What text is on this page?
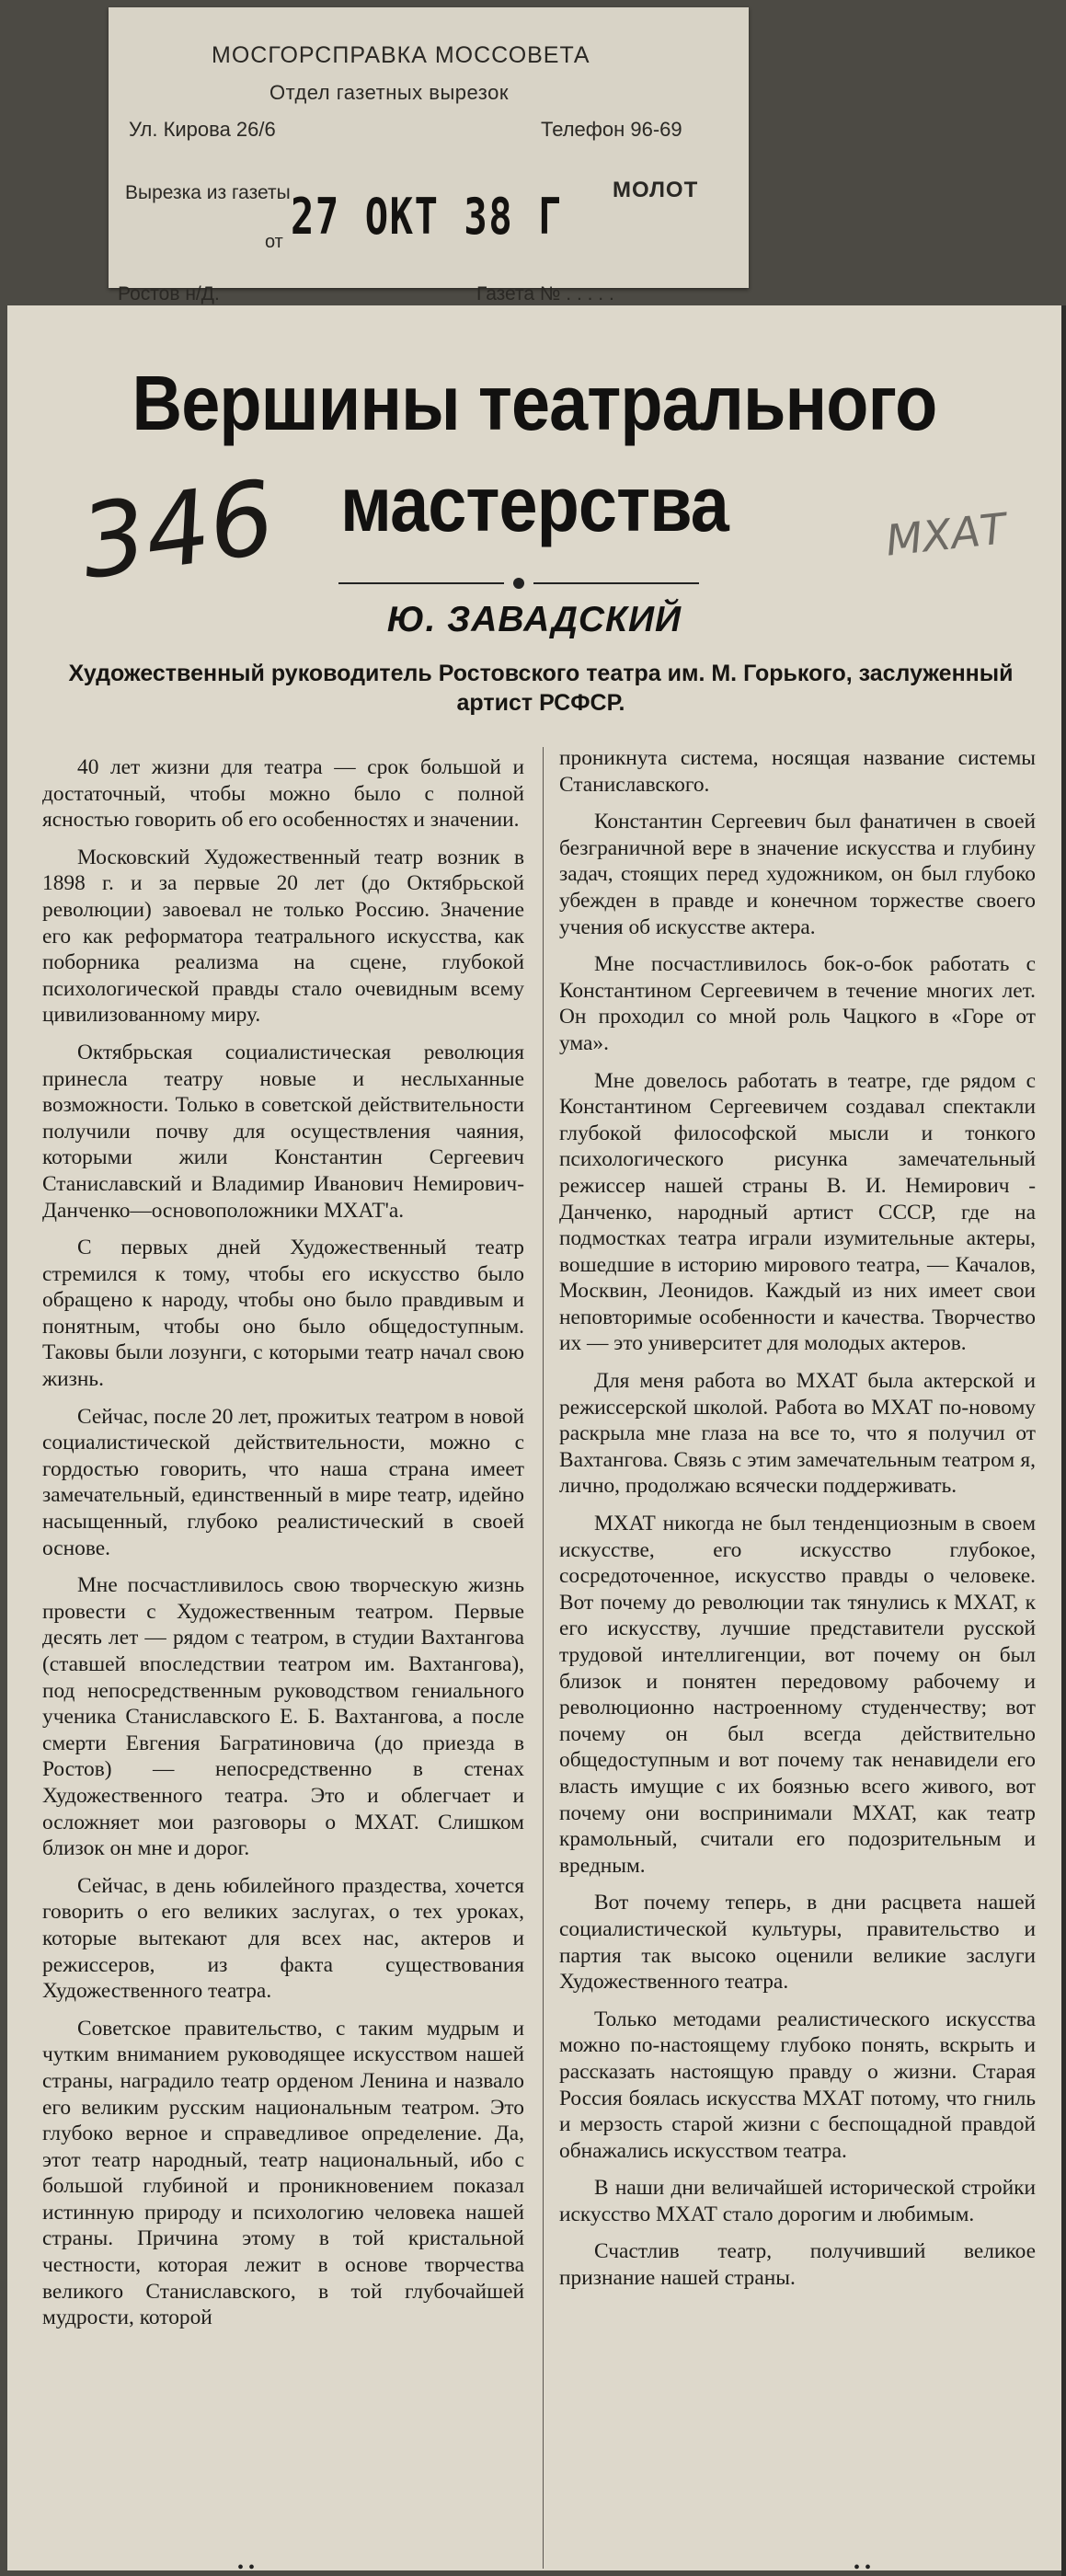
МОСГОРСПРАВКА МОССОВЕТА
Отдел газетных вырезок
Ул. Кирова 26/6	Телефон 96-69
Вырезка из газеты	МОЛОТ
от 27 ОКТ 38 Г
Ростов н/Д.	Газета № . . . . .
Вершины театрального
мастерства
Ю. ЗАВАДСКИЙ
Художественный руководитель Ростовского театра им. М. Горького, заслуженный артист РСФСР.
346	МХАТ

40 лет жизни для театра — срок большой и достаточный, чтобы можно было с полной ясностью говорить об его особенностях и значении.

Московский Художественный театр возник в 1898 г. и за первые 20 лет (до Октябрьской революции) завоевал не только Россию. Значение его как реформатора театрального искусства, как поборника реализма на сцене, глубокой психологической правды стало очевидным всему цивилизованному миру.

Октябрьская социалистическая революция принесла театру новые и неслыханные возможности. Только в советской действительности получили почву для осуществления чаяния, которыми жили Константин Сергеевич Станиславский и Владимир Иванович Немирович-Данченко—основоположники МХАТ'а.

С первых дней Художественный театр стремился к тому, чтобы его искусство было обращено к народу, чтобы оно было правдивым и понятным, чтобы оно было общедоступным. Таковы были лозунги, с которыми театр начал свою жизнь.

Сейчас, после 20 лет, прожитых театром в новой социалистической действительности, можно с гордостью говорить, что наша страна имеет замечательный, единственный в мире театр, идейно насыщенный, глубоко реалистический в своей основе.

Мне посчастливилось свою творческую жизнь провести с Художественным театром. Первые десять лет — рядом с театром, в студии Вахтангова (ставшей впоследствии театром им. Вахтангова), под непосредственным руководством гениального ученика Станиславского Е. Б. Вахтангова, а после смерти Евгения Багратиновича (до приезда в Ростов) — непосредственно в стенах Художественного театра. Это и облегчает и осложняет мои разговоры о МХАТ. Слишком близок он мне и дорог.

Сейчас, в день юбилейного праздества, хочется говорить о его великих заслугах, о тех уроках, которые вытекают для всех нас, актеров и режиссеров, из факта существования Художественного театра.

Советское правительство, с таким мудрым и чутким вниманием руководящее искусством нашей страны, наградило театр орденом Ленина и назвало его великим русским национальным театром. Это глубоко верное и справедливое определение. Да, этот театр народный, театр национальный, ибо с большой глубиной и проникновением показал истинную природу и психологию человека нашей страны. Причина этому в той кристальной честности, которая лежит в основе творчества великого Станиславского, в той глубочайшей мудрости, которой

проникнута система, носящая название системы Станиславского.

Константин Сергеевич был фанатичен в своей безграничной вере в значение искусства и глубину задач, стоящих перед художником, он был глубоко убежден в правде и конечном торжестве своего учения об искусстве актера.

Мне посчастливилось бок-о-бок работать с Константином Сергеевичем в течение многих лет. Он проходил со мной роль Чацкого в «Горе от ума».

Мне довелось работать в театре, где рядом с Константином Сергеевичем создавал спектакли глубокой философской мысли и тонкого психологического рисунка замечательный режиссер нашей страны В. И. Немирович - Данченко, народный артист СССР, где на подмостках театра играли изумительные актеры, вошедшие в историю мирового театра, — Качалов, Москвин, Леонидов. Каждый из них имеет свои неповторимые особенности и качества. Творчество их — это университет для молодых актеров.

Для меня работа во МХАТ была актерской и режиссерской школой. Работа во МХАТ по-новому раскрыла мне глаза на все то, что я получил от Вахтангова. Связь с этим замечательным театром я, лично, продолжаю всячески поддерживать.

МХАТ никогда не был тенденциозным в своем искусстве, его искусство глубокое, сосредоточенное, искусство правды о человеке. Вот почему до революции так тянулись к МХАТ, к его искусству, лучшие представители русской трудовой интеллигенции, вот почему он был близок и понятен передовому рабочему и революционно настроенному студенчеству; вот почему он был всегда действительно общедоступным и вот почему так ненавидели его власть имущие с их боязнью всего живого, вот почему они воспринимали МХАТ, как театр крамольный, считали его подозрительным и вредным.

Вот почему теперь, в дни расцвета нашей социалистической культуры, правительство и партия так высоко оценили великие заслуги Художественного театра.

Только методами реалистического искусства можно по-настоящему глубоко понять, вскрыть и рассказать настоящую правду о жизни. Старая Россия боялась искусства МХАТ потому, что гниль и мерзость старой жизни с беспощадной правдой обнажались искусством театра.

В наши дни величайшей исторической стройки искусство МХАТ стало дорогим и любимым.

Счастлив театр, получивший великое признание нашей страны.

• •	• •
